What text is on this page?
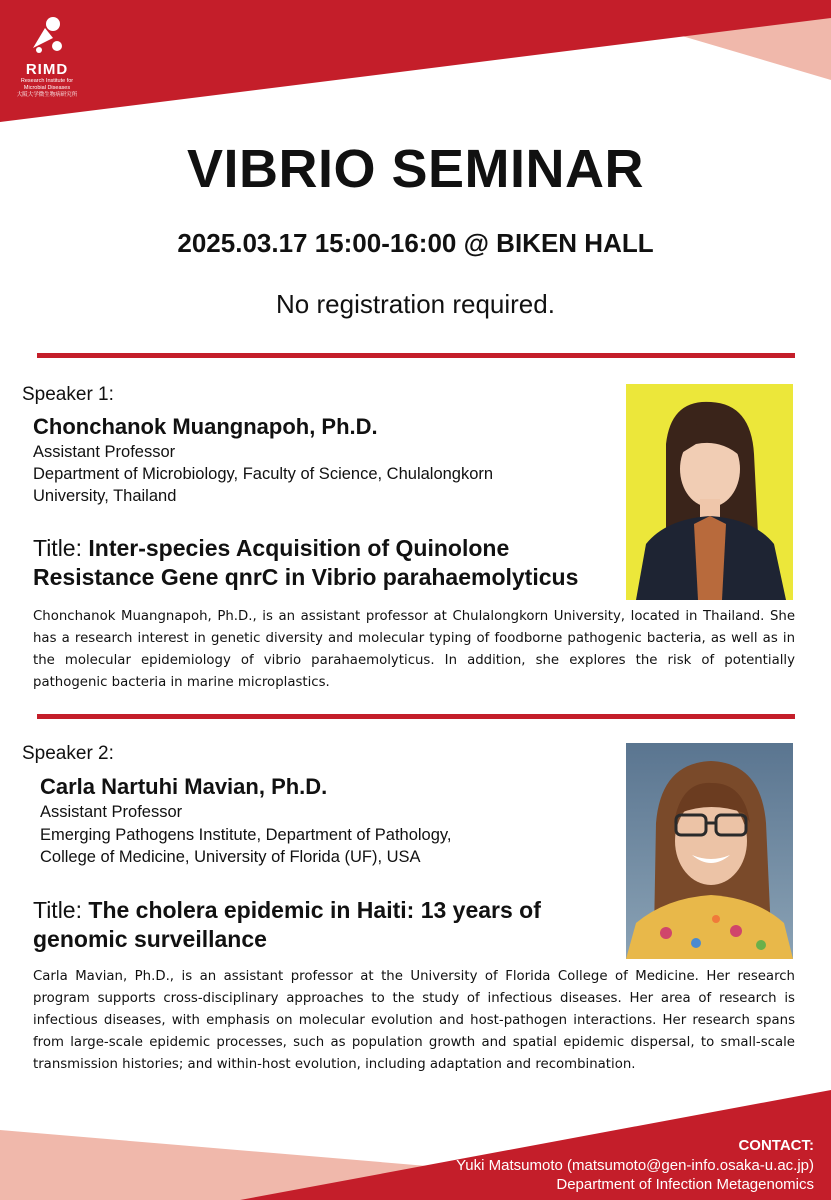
RIMD
Research Institute for
Microbial Diseases
大阪大学微生物病研究所
VIBRIO SEMINAR
2025.03.17 15:00-16:00 @ BIKEN HALL
No registration required.
Speaker 1:
Chonchanok Muangnapoh, Ph.D.
Assistant Professor
Department of Microbiology, Faculty of Science, Chulalongkorn
University, Thailand
Title: Inter-species Acquisition of Quinolone
Resistance Gene qnrC in Vibrio parahaemolyticus
Chonchanok Muangnapoh, Ph.D., is an assistant professor at Chulalongkorn University, located in Thailand. She has a research interest in genetic diversity and molecular typing of foodborne pathogenic bacteria, as well as in the molecular epidemiology of vibrio parahaemolyticus. In addition, she explores the risk of potentially pathogenic bacteria in marine microplastics.
Speaker 2:
Carla Nartuhi Mavian, Ph.D.
Assistant Professor
Emerging Pathogens Institute, Department of Pathology,
College of Medicine, University of Florida (UF), USA
Title: The cholera epidemic in Haiti: 13 years of
genomic surveillance
Carla Mavian, Ph.D., is an assistant professor at the University of Florida College of Medicine. Her research program supports cross-disciplinary approaches to the study of infectious diseases. Her area of research is infectious diseases, with emphasis on molecular evolution and host-pathogen interactions. Her research spans from large-scale epidemic processes, such as population growth and spatial epidemic dispersal, to small-scale transmission histories; and within-host evolution, including adaptation and recombination.
CONTACT:
Yuki Matsumoto (matsumoto@gen-info.osaka-u.ac.jp)
Department of Infection Metagenomics
